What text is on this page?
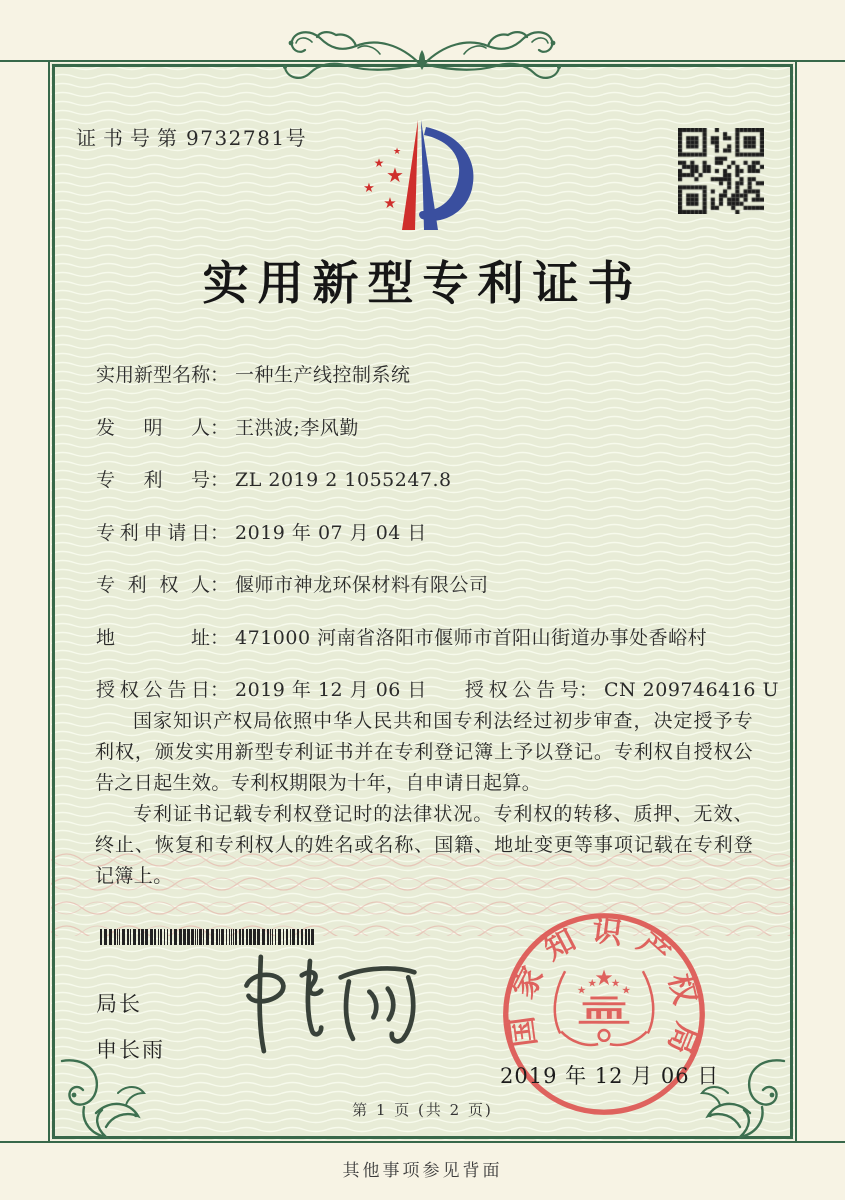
证书号第 9732781号
★
★ ★
★
★
实用新型专利证书
实 用 新 型 名 称 ： 一种生产线控制系统
发 明 人 ： 王洪波;李风勤
专 利 号 ： ZL 2019 2 1055247.8
专 利 申 请 日 ： 2019 年 07 月 04 日
专 利 权 人 ： 偃师市神龙环保材料有限公司
地	址 ： 471000 河南省洛阳市偃师市首阳山街道办事处香峪村
授 权 公 告 日 ： 2019 年 12 月 06 日 授 权 公 告 号 ： CN 209746416 U

国家知识产权局依照中华人民共和国专利法经过初步审查，决定授予专利权，颁发实用新型专利证书并在专利登记簿上予以登记。专利权自授权公告之日起生效。专利权期限为十年，自申请日起算。

专利证书记载专利权登记时的法律状况。专利权的转移、质押、无效、终止、恢复和专利权人的姓名或名称、国籍、地址变更等事项记载在专利登记簿上。

局长
申长雨
国家知识产权局
★
★
★ ★
★
2019 年 12 月 06 日
第 1 页 (共 2 页)
其他事项参见背面
